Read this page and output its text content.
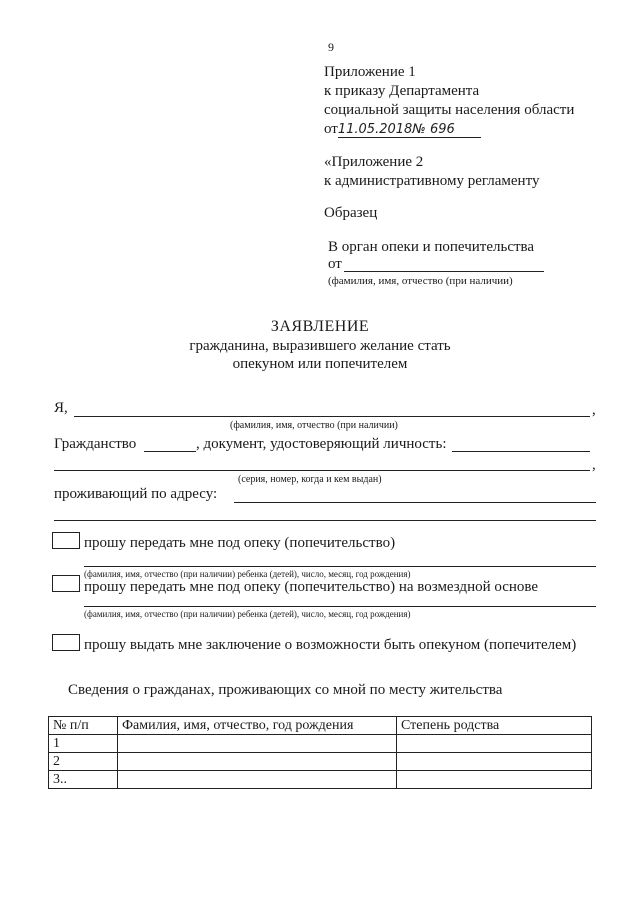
9
Приложение 1
к приказу Департамента
социальной защиты населения области
от11.05.2018№ 696
«Приложение 2
к административному регламенту
Образец
В орган опеки и попечительства
от
(фамилия, имя, отчество (при наличии)
ЗАЯВЛЕНИЕ
гражданина, выразившего желание стать
опекуном или попечителем
Я,	,
(фамилия, имя, отчество (при наличии)
Гражданство	, документ, удостоверяющий личность:
,
(серия, номер, когда и кем выдан)
проживающий по адресу:
прошу передать мне под опеку (попечительство)
(фамилия, имя, отчество (при наличии) ребенка (детей), число, месяц, год рождения)
прошу передать мне под опеку (попечительство) на возмездной основе
(фамилия, имя, отчество (при наличии) ребенка (детей), число, месяц, год рождения)
прошу выдать мне заключение о возможности быть опекуном (попечителем)
Сведения о гражданах, проживающих со мной по месту жительства
№ п/п	Фамилия, имя, отчество, год рождения	Степень родства
1		
2		
3..		
